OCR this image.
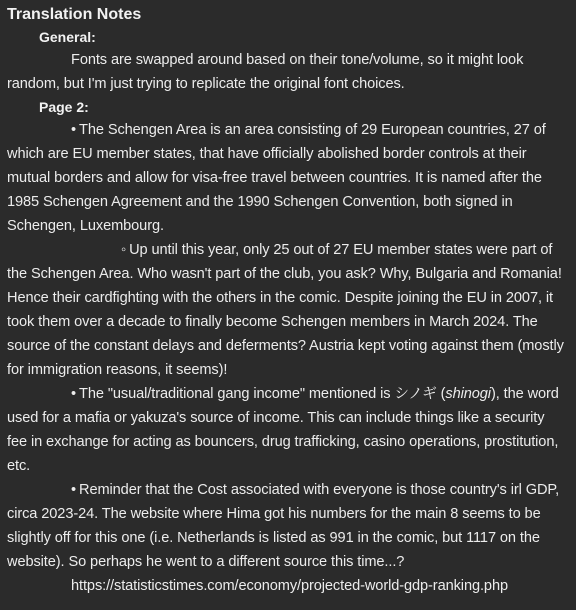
Translation Notes
General:

Fonts are swapped around based on their tone/volume, so it might look random, but I'm just trying to replicate the original font choices.

Page 2:

• The Schengen Area is an area consisting of 29 European countries, 27 of which are EU member states, that have officially abolished border controls at their mutual borders and allow for visa-free travel between countries. It is named after the 1985 Schengen Agreement and the 1990 Schengen Convention, both signed in Schengen, Luxembourg.

◦ Up until this year, only 25 out of 27 EU member states were part of the Schengen Area. Who wasn't part of the club, you ask? Why, Bulgaria and Romania! Hence their cardfighting with the others in the comic. Despite joining the EU in 2007, it took them over a decade to finally become Schengen members in March 2024. The source of the constant delays and deferments? Austria kept voting against them (mostly for immigration reasons, it seems)!

• The "usual/traditional gang income" mentioned is シノギ (shinogi), the word used for a mafia or yakuza's source of income. This can include things like a security fee in exchange for acting as bouncers, drug trafficking, casino operations, prostitution, etc.

• Reminder that the Cost associated with everyone is those country's irl GDP, circa 2023-24. The website where Hima got his numbers for the main 8 seems to be slightly off for this one (i.e. Netherlands is listed as 991 in the comic, but 1117 on the website). So perhaps he went to a different source this time...?

https://statisticstimes.com/economy/projected-world-gdp-ranking.php
